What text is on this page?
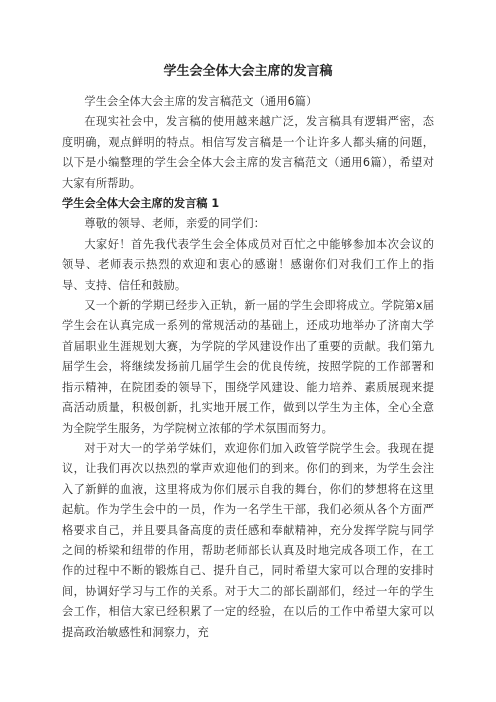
学生会全体大会主席的发言稿

学生会全体大会主席的发言稿范文（通用6篇）

在现实社会中，发言稿的使用越来越广泛，发言稿具有逻辑严密，态度明确，观点鲜明的特点。相信写发言稿是一个让许多人都头痛的问题，以下是小编整理的学生会全体大会主席的发言稿范文（通用6篇），希望对大家有所帮助。

学生会全体大会主席的发言稿 1

尊敬的领导、老师，亲爱的同学们：

大家好！首先我代表学生会全体成员对百忙之中能够参加本次会议的领导、老师表示热烈的欢迎和衷心的感谢！感谢你们对我们工作上的指导、支持、信任和鼓励。

又一个新的学期已经步入正轨，新一届的学生会即将成立。学院第x届学生会在认真完成一系列的常规活动的基础上，还成功地举办了济南大学首届职业生涯规划大赛，为学院的学风建设作出了重要的贡献。我们第九届学生会，将继续发扬前几届学生会的优良传统，按照学院的工作部署和指示精神，在院团委的领导下，围绕学风建设、能力培养、素质展现来提高活动质量，积极创新，扎实地开展工作，做到以学生为主体，全心全意为全院学生服务，为学院树立浓郁的学术氛围而努力。

对于对大一的学弟学妹们，欢迎你们加入政管学院学生会。我现在提议，让我们再次以热烈的掌声欢迎他们的到来。你们的到来，为学生会注入了新鲜的血液，这里将成为你们展示自我的舞台，你们的梦想将在这里起航。作为学生会中的一员，作为一名学生干部，我们必须从各个方面严格要求自己，并且要具备高度的责任感和奉献精神，充分发挥学院与同学之间的桥梁和纽带的作用，帮助老师部长认真及时地完成各项工作，在工作的过程中不断的锻炼自己、提升自己，同时希望大家可以合理的安排时间，协调好学习与工作的关系。对于大二的部长副部们，经过一年的学生会工作，相信大家已经积累了一定的经验，在以后的工作中希望大家可以提高政治敏感性和洞察力，充
